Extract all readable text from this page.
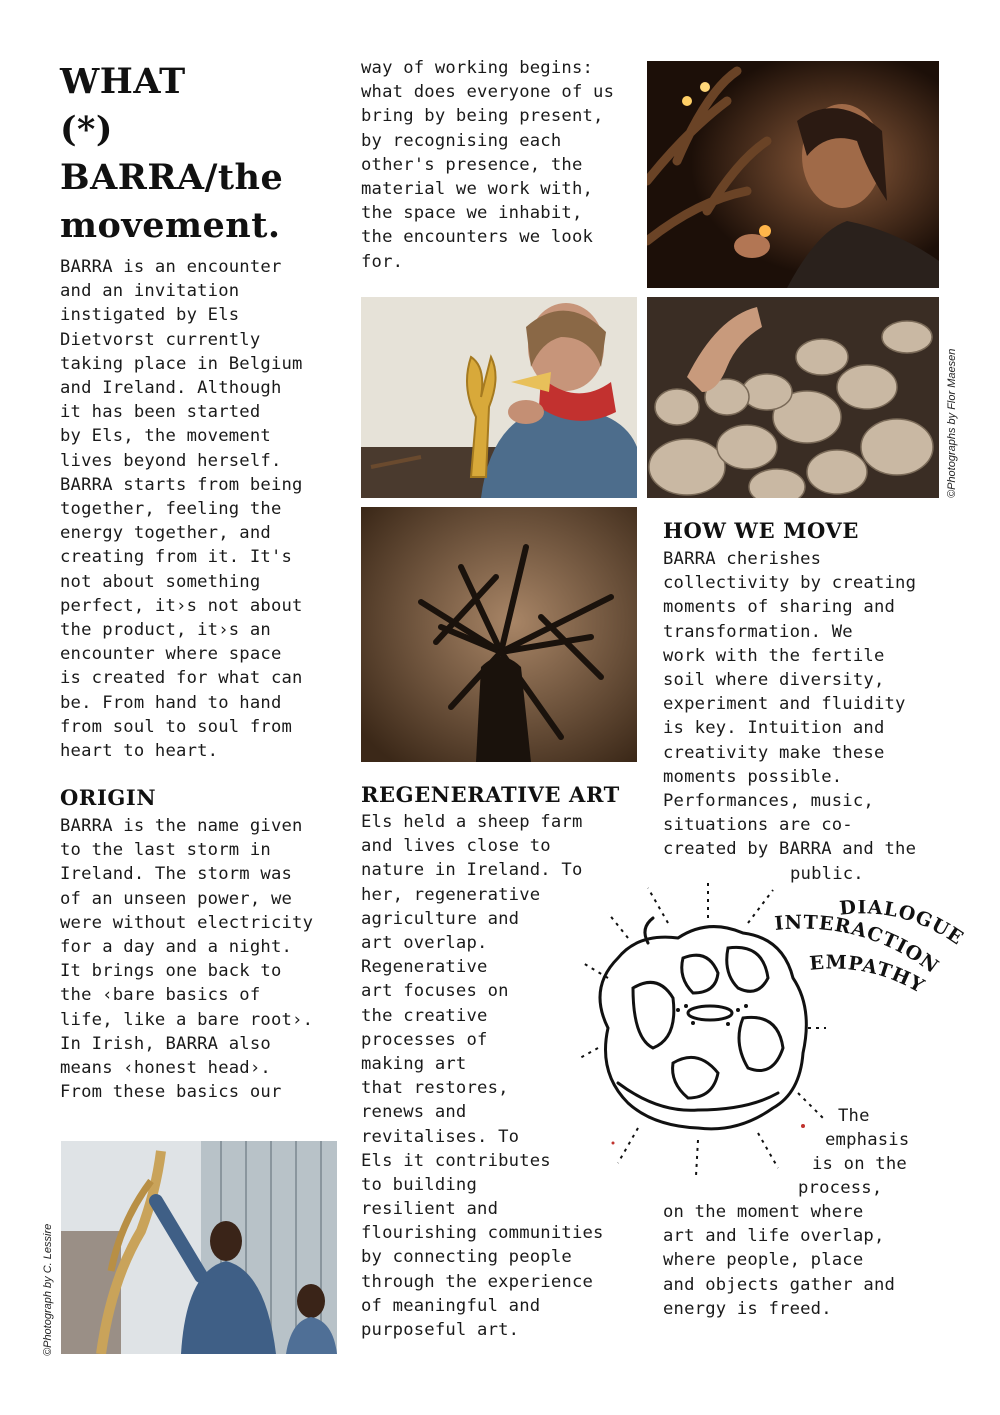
WHAT
(*)
BARRA/the
movement.
BARRA is an encounter
and an invitation
instigated by Els
Dietvorst currently
taking place in Belgium
and Ireland. Although
it has been started
by Els, the movement
lives beyond herself.
BARRA starts from being
together, feeling the
energy together, and
creating from it. It's
not about something
perfect, it›s not about
the product, it›s an
encounter where space
is created for what can
be. From hand to hand
from soul to soul from
heart to heart.
ORIGIN
BARRA is the name given
to the last storm in
Ireland. The storm was
of an unseen power, we
were without electricity
for a day and a night.
It brings one back to
the ‹bare basics of
life, like a bare root›.
In Irish, BARRA also
means ‹honest head›.
From these basics our
way of working begins:
what does everyone of us
bring by being present,
by recognising each
other's presence, the
material we work with,
the space we inhabit,
the encounters we look
for.
©Photographs by Flor Maesen
©Photograph by C. Lessire
REGENERATIVE ART
Els held a sheep farm
and lives close to
nature in Ireland. To
her, regenerative
agriculture and
art overlap.
Regenerative
art focuses on
the creative
processes of
making art
that restores,
renews and
revitalises. To
Els it contributes
to building
resilient and
flourishing communities
by connecting people
through the experience
of meaningful and
purposeful art.
HOW WE MOVE
BARRA cherishes
collectivity by creating
moments of sharing and
transformation. We
work with the fertile
soil where diversity,
experiment and fluidity
is key. Intuition and
creativity make these
moments possible.
Performances, music,
situations are co-
created by BARRA and the
public.
DIALOGUE
INTERACTION
EMPATHY
The
emphasis
is on the
process,
on the moment where
art and life overlap,
where people, place
and objects gather and
energy is freed.
